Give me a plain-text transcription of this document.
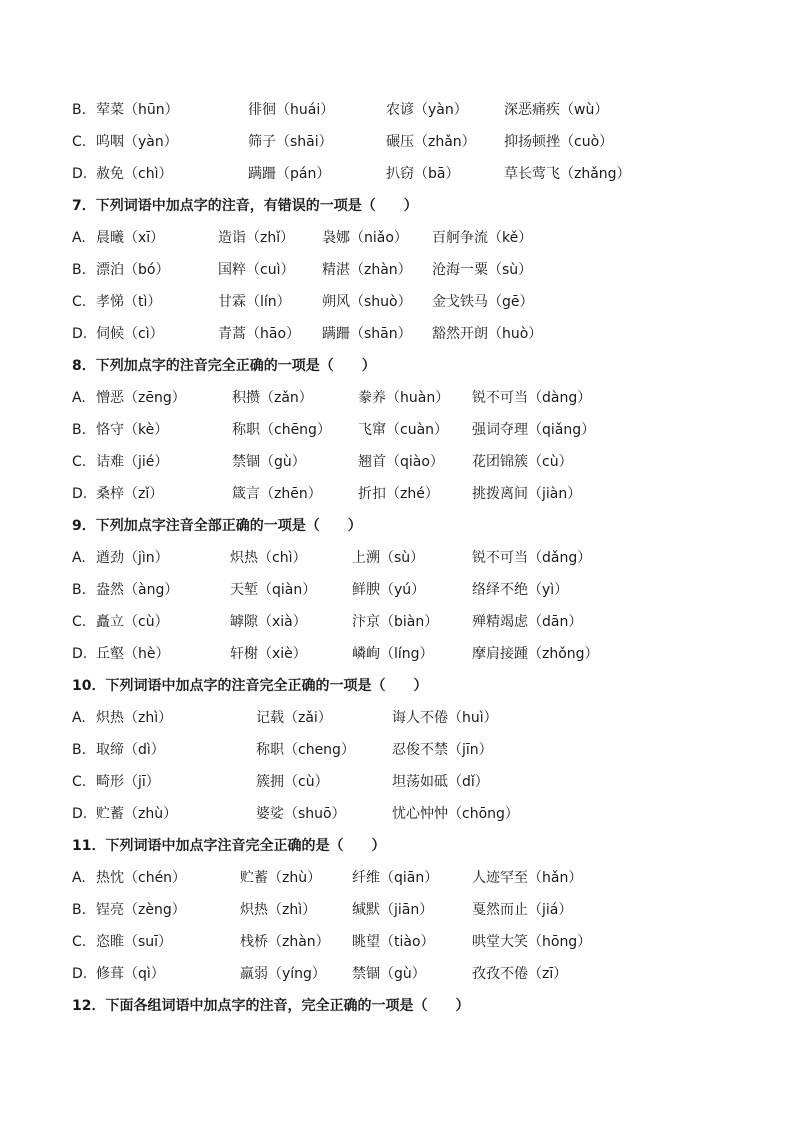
B. 荤菜（hūn）	徘徊（huái）	农谚（yàn）	深恶痛疾（wù）
C. 呜咽（yàn）	筛子（shāi）	碾压（zhǎn） 抑扬顿挫（cuò）
D. 赦免（chì）	蹒跚（pán）	扒窃（bā）	草长莺飞（zhǎng）
7．下列词语中加点字的注音，有错误的一项是（　　）
A. 晨曦（xī）	造诣（zhǐ） 袅娜（niǎo） 百舸争流（kě）
B. 漂泊（bó）	国粹（cuì） 精湛（zhàn） 沧海一粟（sù）
C. 孝悌（tì）	甘霖（lín） 朔风（shuò） 金戈铁马（gē）
D. 伺候（cì）	青蒿（hāo） 蹒跚（shān） 豁然开朗（huò）
8．下列加点字的注音完全正确的一项是（　　）
A. 憎恶（zēng）	积攒（zǎn）	豢养（huàn） 锐不可当（dàng）
B. 恪守（kè）	称职（chēng） 飞窜（cuàn） 强词夺理（qiǎng）
C. 诘难（jié）	禁锢（gù）	翘首（qiào） 花团锦簇（cù）
D. 桑梓（zǐ）	箴言（zhēn）	折扣（zhé） 挑拨离间（jiàn）
9．下列加点字注音全部正确的一项是（　　）
A. 遒劲（jìn）	炽热（chì）	上溯（sù）	锐不可当（dǎng）
B. 盎然（àng）	天堑（qiàn）	鲜腴（yú）	络绎不绝（yì）
C. 矗立（cù）	罅隙（xià）	汴京（biàn） 殚精竭虑（dān）
D. 丘壑（hè）	轩榭（xiè）	嶙峋（líng）	摩肩接踵（zhǒng）
10．下列词语中加点字的注音完全正确的一项是（　　）
A. 炽热（zhì）	记载（zǎi）	诲人不倦（huì）
B. 取缔（dì）	称职（cheng）	忍俊不禁（jīn）
C. 畸形（jī）	簇拥（cù）	坦荡如砥（dǐ）
D. 贮蓄（zhù）	婆娑（shuō）	忧心忡忡（chōng）
11．下列词语中加点字注音完全正确的是（　　）
A. 热忱（chén）	贮蓄（zhù） 纤维（qiān） 人迹罕至（hǎn）
B. 锃亮（zèng）	炽热（zhì）	缄默（jiān）	戛然而止（jiá）
C. 恣睢（suī）	栈桥（zhàn） 眺望（tiào）	哄堂大笑（hōng）
D. 修葺（qì）	羸弱（yíng） 禁锢（gù）	孜孜不倦（zī）
12．下面各组词语中加点字的注音，完全正确的一项是（　　）
